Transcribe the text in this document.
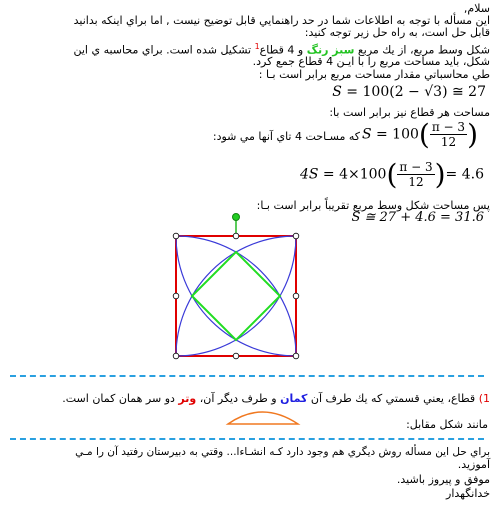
سلام,
اين مسأله با توجه به اطلاعات شما در حد راهنمايي قابل توضيح نيست , اما براي اينكه بدانيد
قابل حل است، به راه حل زير توجه كنيد:
شكل وسط مربع، از يك مربع سبز رنگ و 4 قطاع$^1$ تشكيل شده است. براي محاسبه ي اين
شكل، بايد مساحت مربع را با ايـن 4 قطاع جمع كرد.
طي محاسباتي مقدار مساحت مربع برابر است بـا :
S = 100(2 − √3) ≅ 27
مساحت هر قطاع نيز برابر است با:
$S = 100( \frac{\pi - 3}{12}$ )
كه مسـاحت 4 تاي آنها مي شود:
$4S = 4\times 100( \frac{\pi - 3}{12}$ )= 4.6
پس مساحت شكل وسط مربع تقريباً برابر است بـا:
S ≅ 27 + 4.6 = 31.6
1) قطاع، يعني قسمتي كه يك طرف آن كمان و طرف ديگر آن، وتر دو سر همان كمان است.
مانند شكل مقابل:
براي حل اين مسأله روش ديگري هم وجود دارد كـه انشـاءا... وقتي به دبيرستان رفتيد آن را مـي
آموزيد.
موفق و پيروز باشيد.
خدانگهدار
